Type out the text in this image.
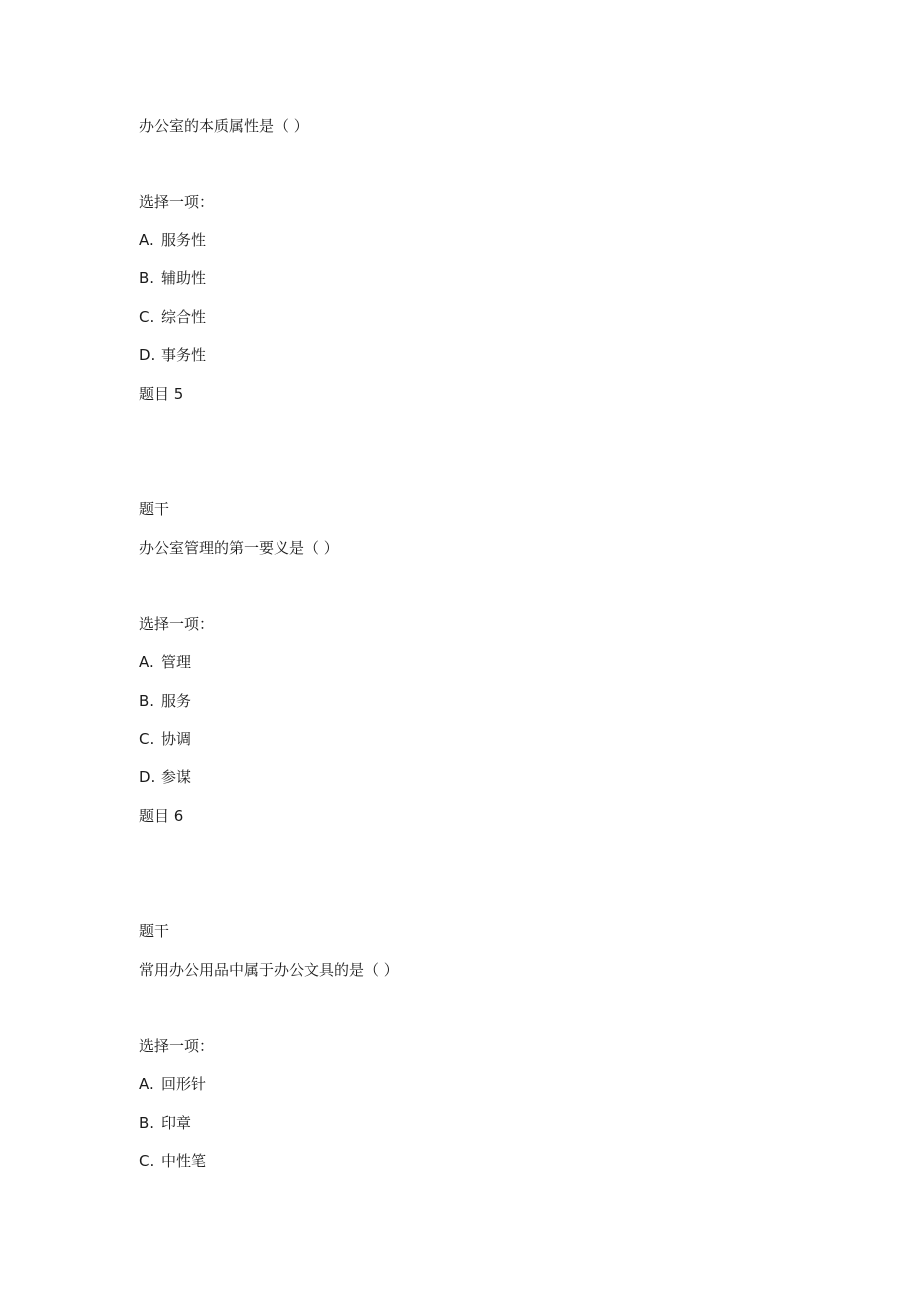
办公室的本质属性是（ ）
选择一项：
A. 服务性
B. 辅助性
C. 综合性
D. 事务性
题目 5
题干
办公室管理的第一要义是（ ）
选择一项：
A. 管理
B. 服务
C. 协调
D. 参谋
题目 6
题干
常用办公用品中属于办公文具的是（ ）
选择一项：
A. 回形针
B. 印章
C. 中性笔
